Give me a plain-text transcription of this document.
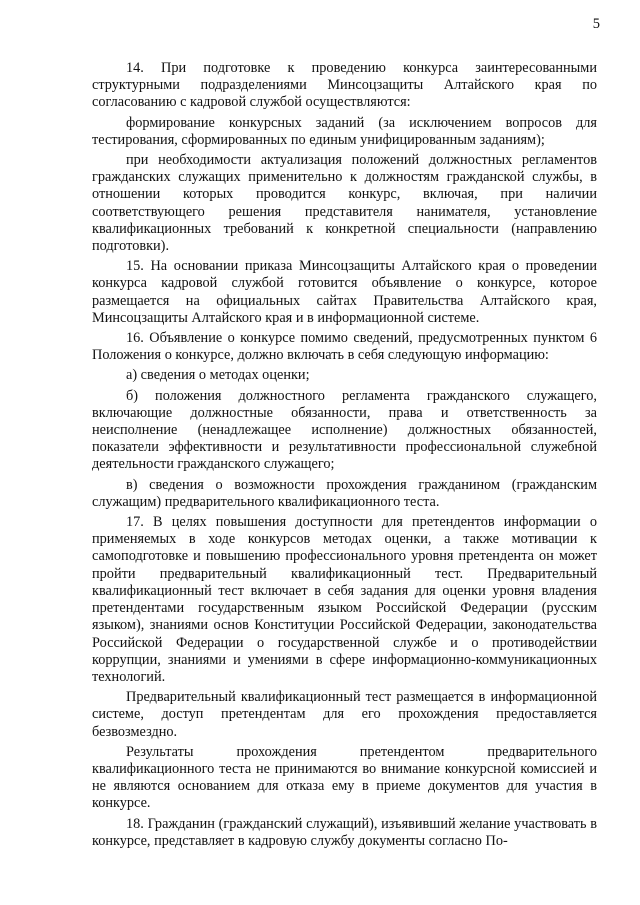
5

14. При подготовке к проведению конкурса заинтересованными структурными подразделениями Минсоцзащиты Алтайского края по согласованию с кадровой службой осуществляются:

формирование конкурсных заданий (за исключением вопросов для тестирования, сформированных по единым унифицированным заданиям);

при необходимости актуализация положений должностных регламентов гражданских служащих применительно к должностям гражданской службы, в отношении которых проводится конкурс, включая, при наличии соответствующего решения представителя нанимателя, установление квалификационных требований к конкретной специальности (направлению подготовки).

15. На основании приказа Минсоцзащиты Алтайского края о проведении конкурса кадровой службой готовится объявление о конкурсе, которое размещается на официальных сайтах Правительства Алтайского края, Минсоцзащиты Алтайского края и в информационной системе.

16. Объявление о конкурсе помимо сведений, предусмотренных пунктом 6 Положения о конкурсе, должно включать в себя следующую информацию:

а) сведения о методах оценки;

б) положения должностного регламента гражданского служащего, включающие должностные обязанности, права и ответственность за неисполнение (ненадлежащее исполнение) должностных обязанностей, показатели эффективности и результативности профессиональной служебной деятельности гражданского служащего;

в) сведения о возможности прохождения гражданином (гражданским служащим) предварительного квалификационного теста.

17. В целях повышения доступности для претендентов информации о применяемых в ходе конкурсов методах оценки, а также мотивации к самоподготовке и повышению профессионального уровня претендента он может пройти предварительный квалификационный тест. Предварительный квалификационный тест включает в себя задания для оценки уровня владения претендентами государственным языком Российской Федерации (русским языком), знаниями основ Конституции Российской Федерации, законодательства Российской Федерации о государственной службе и о противодействии коррупции, знаниями и умениями в сфере информационно-коммуникационных технологий.

Предварительный квалификационный тест размещается в информационной системе, доступ претендентам для его прохождения предоставляется безвозмездно.

Результаты прохождения претендентом предварительного квалификационного теста не принимаются во внимание конкурсной комиссией и не являются основанием для отказа ему в приеме документов для участия в конкурсе.

18. Гражданин (гражданский служащий), изъявивший желание участвовать в конкурсе, представляет в кадровую службу документы согласно По-
